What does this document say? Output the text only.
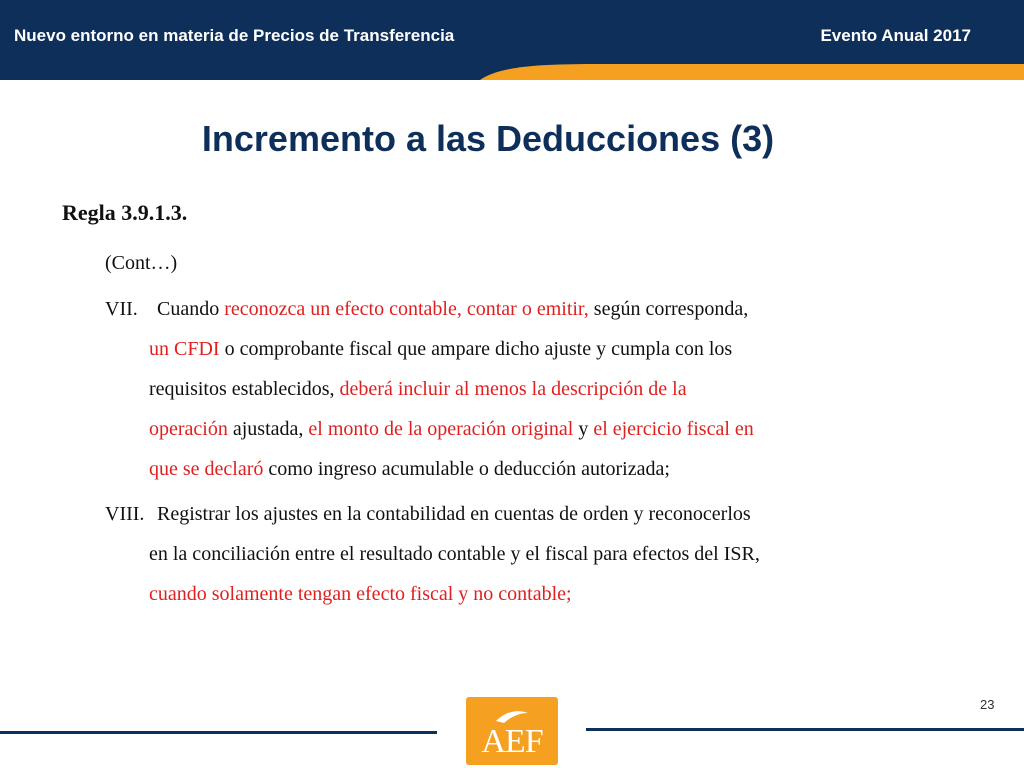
Nuevo entorno en materia de Precios de Transferencia	Evento Anual 2017
Incremento a las Deducciones (3)
Regla 3.9.1.3.
(Cont…)
VII. Cuando reconozca un efecto contable, contar o emitir, según corresponda,
un CFDI o comprobante fiscal que ampare dicho ajuste y cumpla con los
requisitos establecidos, deberá incluir al menos la descripción de la
operación ajustada, el monto de la operación original y el ejercicio fiscal en
que se declaró como ingreso acumulable o deducción autorizada;
VIII. Registrar los ajustes en la contabilidad en cuentas de orden y reconocerlos
en la conciliación entre el resultado contable y el fiscal para efectos del ISR,
cuando solamente tengan efecto fiscal y no contable;
23
AEF
